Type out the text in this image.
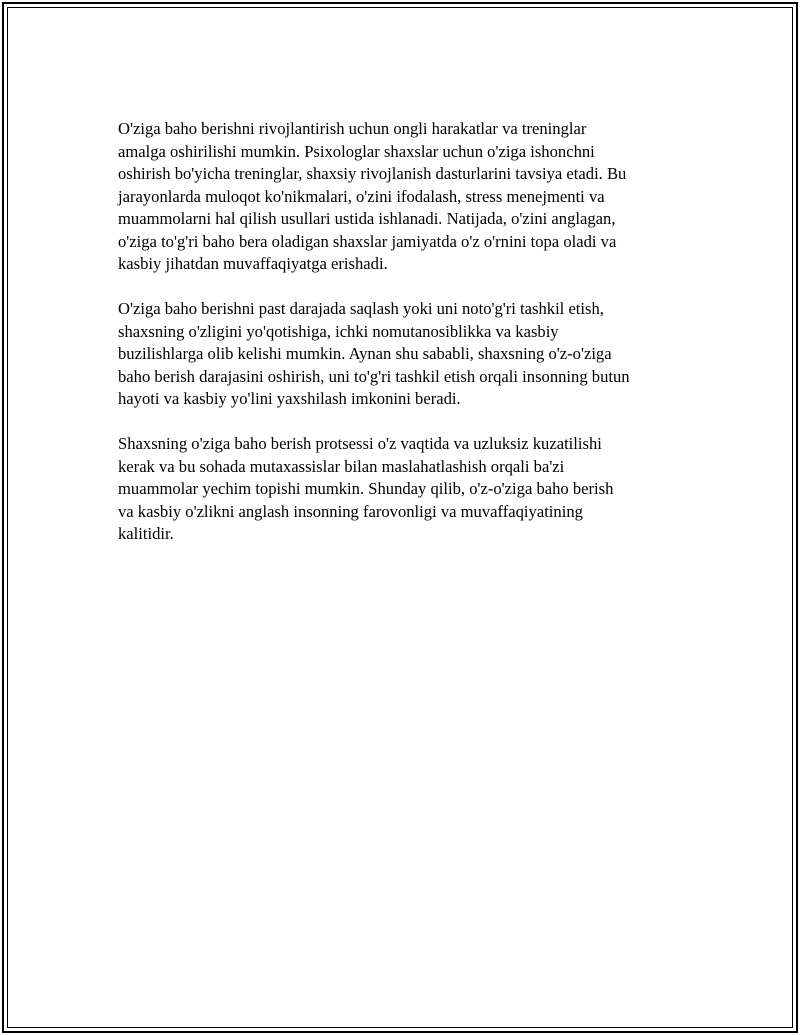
O'ziga baho berishni rivojlantirish uchun ongli harakatlar va treninglar
amalga oshirilishi mumkin. Psixologlar shaxslar uchun o'ziga ishonchni
oshirish bo'yicha treninglar, shaxsiy rivojlanish dasturlarini tavsiya etadi. Bu
jarayonlarda muloqot ko'nikmalari, o'zini ifodalash, stress menejmenti va
muammolarni hal qilish usullari ustida ishlanadi. Natijada, o'zini anglagan,
o'ziga to'g'ri baho bera oladigan shaxslar jamiyatda o'z o'rnini topa oladi va
kasbiy jihatdan muvaffaqiyatga erishadi.

O'ziga baho berishni past darajada saqlash yoki uni noto'g'ri tashkil etish,
shaxsning o'zligini yo'qotishiga, ichki nomutanosiblikka va kasbiy
buzilishlarga olib kelishi mumkin. Aynan shu sababli, shaxsning o'z-o'ziga
baho berish darajasini oshirish, uni to'g'ri tashkil etish orqali insonning butun
hayoti va kasbiy yo'lini yaxshilash imkonini beradi.

Shaxsning o'ziga baho berish protsessi o'z vaqtida va uzluksiz kuzatilishi
kerak va bu sohada mutaxassislar bilan maslahatlashish orqali ba'zi
muammolar yechim topishi mumkin. Shunday qilib, o'z-o'ziga baho berish
va kasbiy o'zlikni anglash insonning farovonligi va muvaffaqiyatining
kalitidir.
